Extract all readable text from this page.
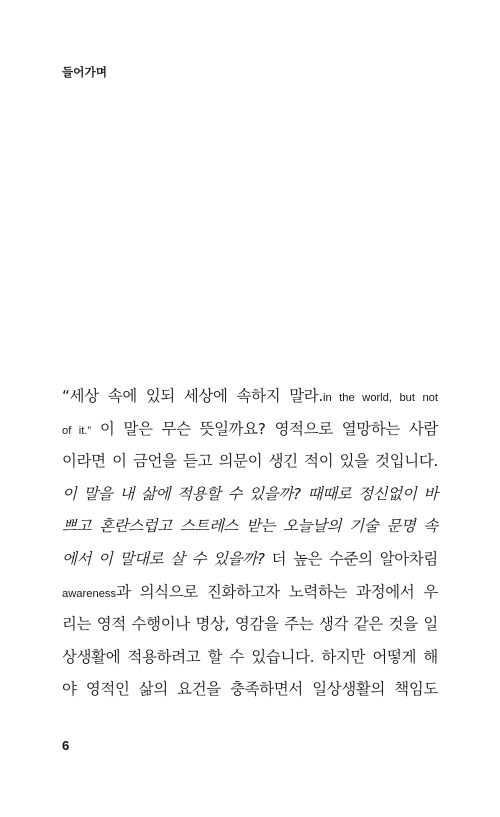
들어가며
“세상 속에 있되 세상에 속하지 말라.in the world, but not
of it.” 이 말은 무슨 뜻일까요? 영적으로 열망하는 사람
이라면 이 금언을 듣고 의문이 생긴 적이 있을 것입니다.
이 말을 내 삶에 적용할 수 있을까? 때때로 정신없이 바
쁘고 혼란스럽고 스트레스 받는 오늘날의 기술 문명 속
에서 이 말대로 살 수 있을까? 더 높은 수준의 알아차림
awareness과 의식으로 진화하고자 노력하는 과정에서 우
리는 영적 수행이나 명상, 영감을 주는 생각 같은 것을 일
상생활에 적용하려고 할 수 있습니다. 하지만 어떻게 해
야 영적인 삶의 요건을 충족하면서 일상생활의 책임도
6
